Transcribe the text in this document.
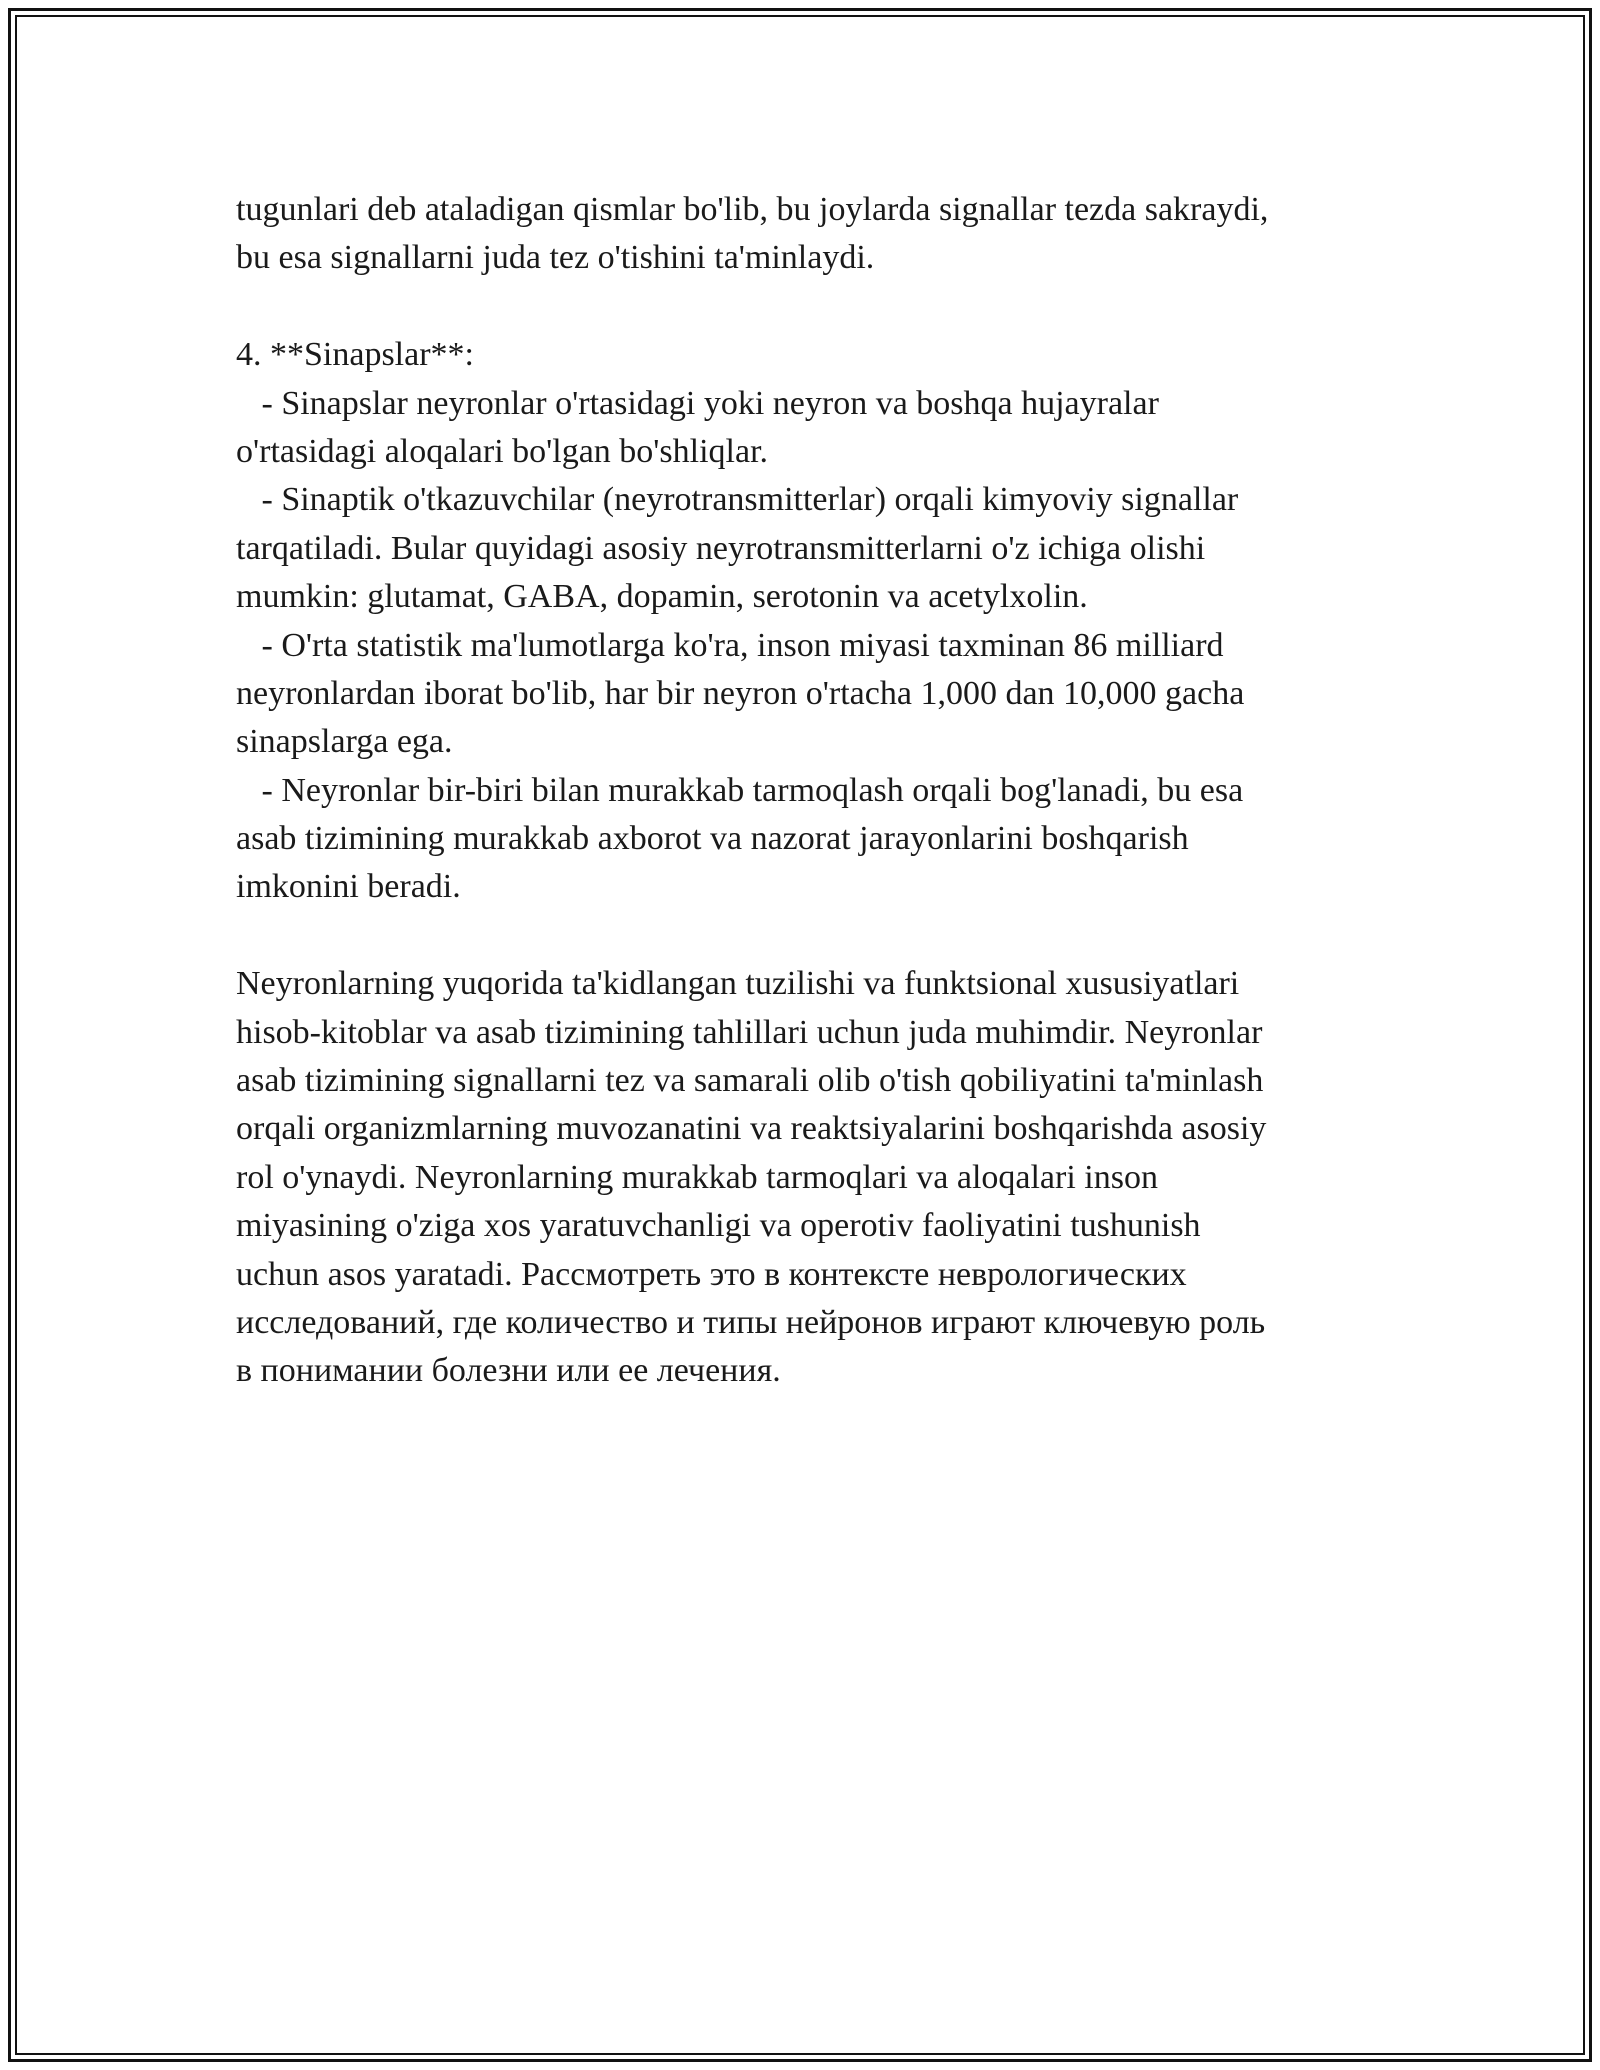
tugunlari deb ataladigan qismlar bo'lib, bu joylarda signallar tezda sakraydi,
bu esa signallarni juda tez o'tishini ta'minlaydi.
4. **Sinapslar**:
- Sinapslar neyronlar o'rtasidagi yoki neyron va boshqa hujayralar
o'rtasidagi aloqalari bo'lgan bo'shliqlar.
- Sinaptik o'tkazuvchilar (neyrotransmitterlar) orqali kimyoviy signallar
tarqatiladi. Bular quyidagi asosiy neyrotransmitterlarni o'z ichiga olishi
mumkin: glutamat, GABA, dopamin, serotonin va acetylxolin.
- O'rta statistik ma'lumotlarga ko'ra, inson miyasi taxminan 86 milliard
neyronlardan iborat bo'lib, har bir neyron o'rtacha 1,000 dan 10,000 gacha
sinapslarga ega.
- Neyronlar bir-biri bilan murakkab tarmoqlash orqali bog'lanadi, bu esa
asab tizimining murakkab axborot va nazorat jarayonlarini boshqarish
imkonini beradi.
Neyronlarning yuqorida ta'kidlangan tuzilishi va funktsional xususiyatlari
hisob-kitoblar va asab tizimining tahlillari uchun juda muhimdir. Neyronlar
asab tizimining signallarni tez va samarali olib o'tish qobiliyatini ta'minlash
orqali organizmlarning muvozanatini va reaktsiyalarini boshqarishda asosiy
rol o'ynaydi. Neyronlarning murakkab tarmoqlari va aloqalari inson
miyasining o'ziga xos yaratuvchanligi va operotiv faoliyatini tushunish
uchun asos yaratadi. Рассмотреть это в контексте неврологических
исследований, где количество и типы нейронов играют ключевую роль
в понимании болезни или ее лечения.
